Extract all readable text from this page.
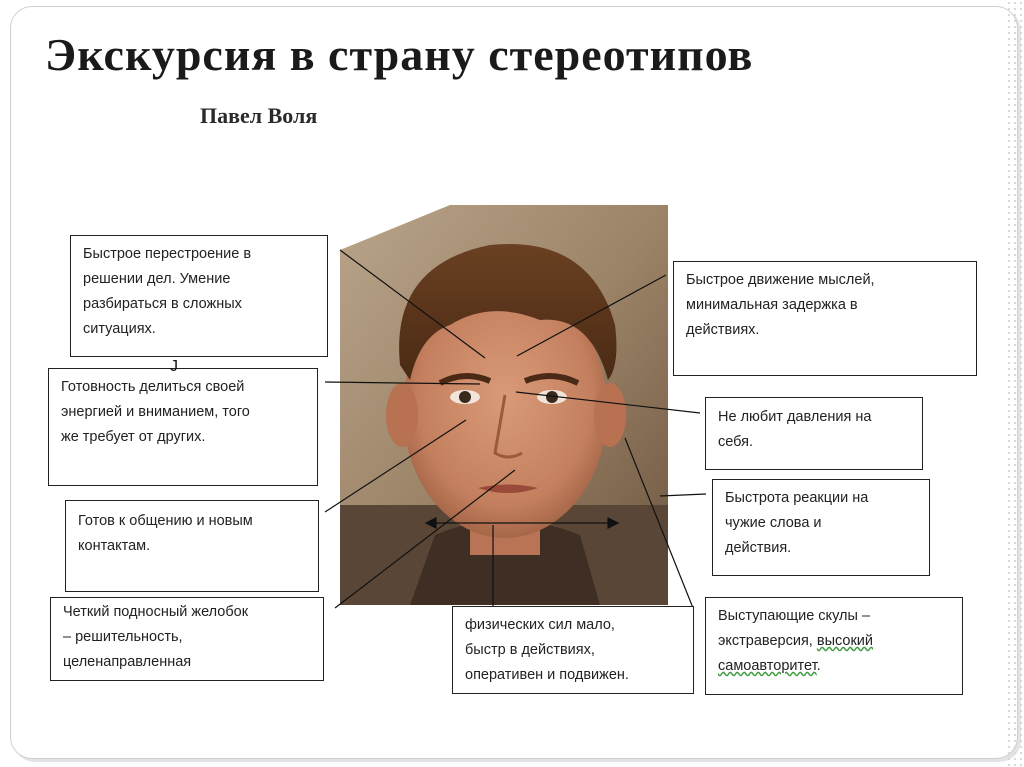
Экскурсия в страну стереотипов
Павел Воля
Быстрое перестроение в
решении дел. Умение
разбираться в сложных
ситуациях.
Готовность делиться своей
энергией и вниманием, того
же требует от других.
J
Готов к общению и новым
контактам.
Четкий подносный желобок
– решительность,
целенаправленная
Быстрое движение мыслей,
минимальная задержка в
действиях.
Не любит давления на
себя.
Быстрота реакции на
чужие слова и
действия.
физических сил мало,
быстр в действиях,
оперативен и подвижен.
Выступающие скулы –
экстраверсия, высокий
самоавторитет.
